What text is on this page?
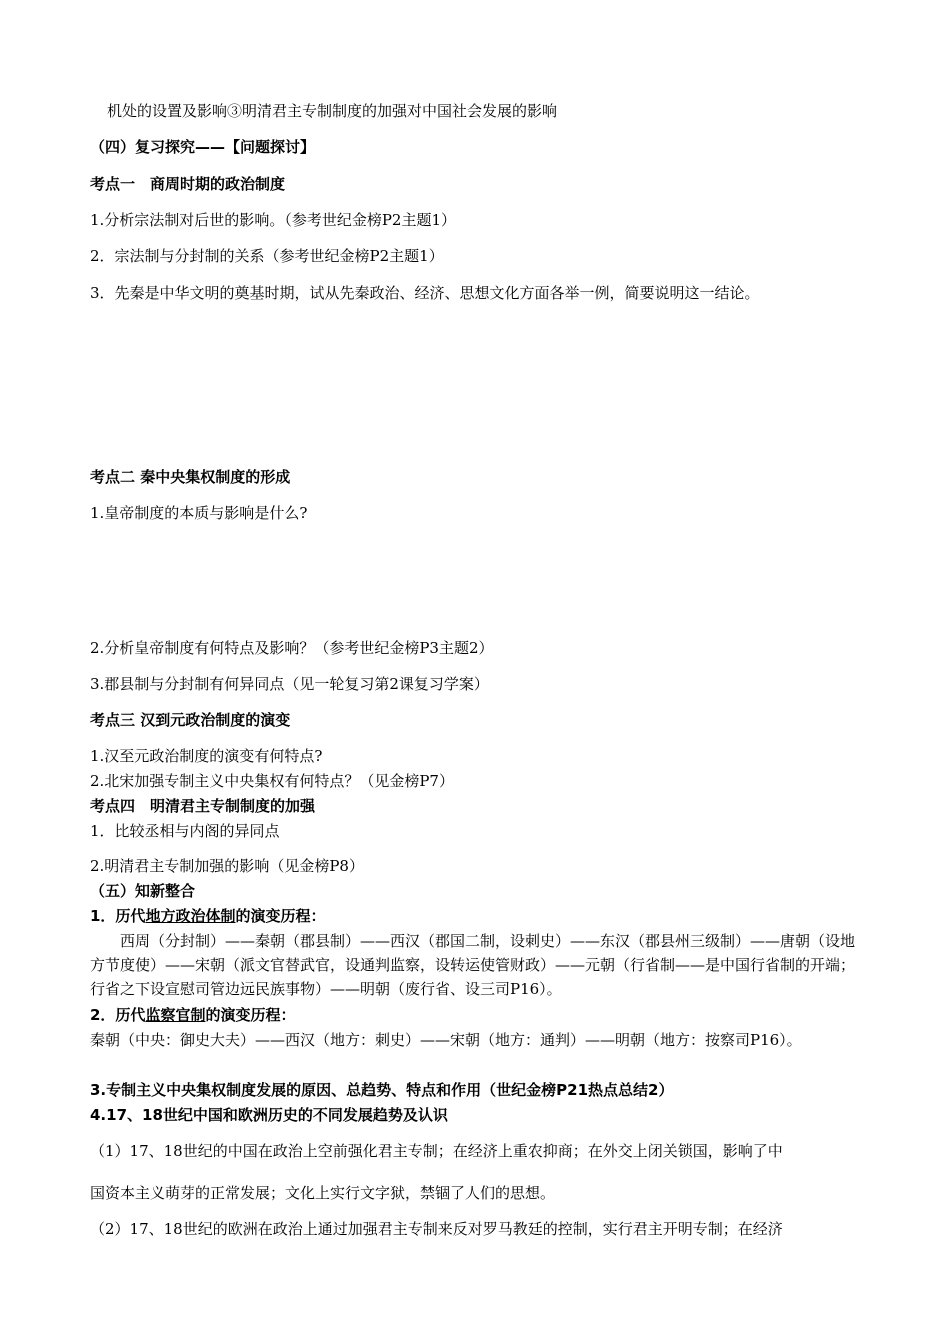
机处的设置及影响③明清君主专制制度的加强对中国社会发展的影响
（四）复习探究——【问题探讨】
考点一　商周时期的政治制度
1.分析宗法制对后世的影响。（参考世纪金榜P2主题1）
2．宗法制与分封制的关系（参考世纪金榜P2主题1）
3．先秦是中华文明的奠基时期，试从先秦政治、经济、思想文化方面各举一例，简要说明这一结论。
考点二 秦中央集权制度的形成
1.皇帝制度的本质与影响是什么?
2.分析皇帝制度有何特点及影响？（参考世纪金榜P3主题2）
3.郡县制与分封制有何异同点（见一轮复习第2课复习学案）
考点三 汉到元政治制度的演变
1.汉至元政治制度的演变有何特点?
2.北宋加强专制主义中央集权有何特点？（见金榜P7）
考点四　明清君主专制制度的加强
1．比较丞相与内阁的异同点
2.明清君主专制加强的影响（见金榜P8）
（五）知新整合
1．历代地方政治体制的演变历程：

西周（分封制）——秦朝（郡县制）——西汉（郡国二制，设刺史）——东汉（郡县州三级制）——唐朝（设地方节度使）——宋朝（派文官替武官，设通判监察，设转运使管财政）——元朝（行省制——是中国行省制的开端；行省之下设宣慰司管边远民族事物）——明朝（废行省、设三司P16）。

2．历代监察官制的演变历程：

秦朝（中央：御史大夫）——西汉（地方：刺史）——宋朝（地方：通判）——明朝（地方：按察司P16）。

3.专制主义中央集权制度发展的原因、总趋势、特点和作用（世纪金榜P21热点总结2）
4.17、18世纪中国和欧洲历史的不同发展趋势及认识
（1）17、18世纪的中国在政治上空前强化君主专制；在经济上重农抑商；在外交上闭关锁国，影响了中
国资本主义萌芽的正常发展；文化上实行文字狱，禁锢了人们的思想。
（2）17、18世纪的欧洲在政治上通过加强君主专制来反对罗马教廷的控制，实行君主开明专制；在经济
